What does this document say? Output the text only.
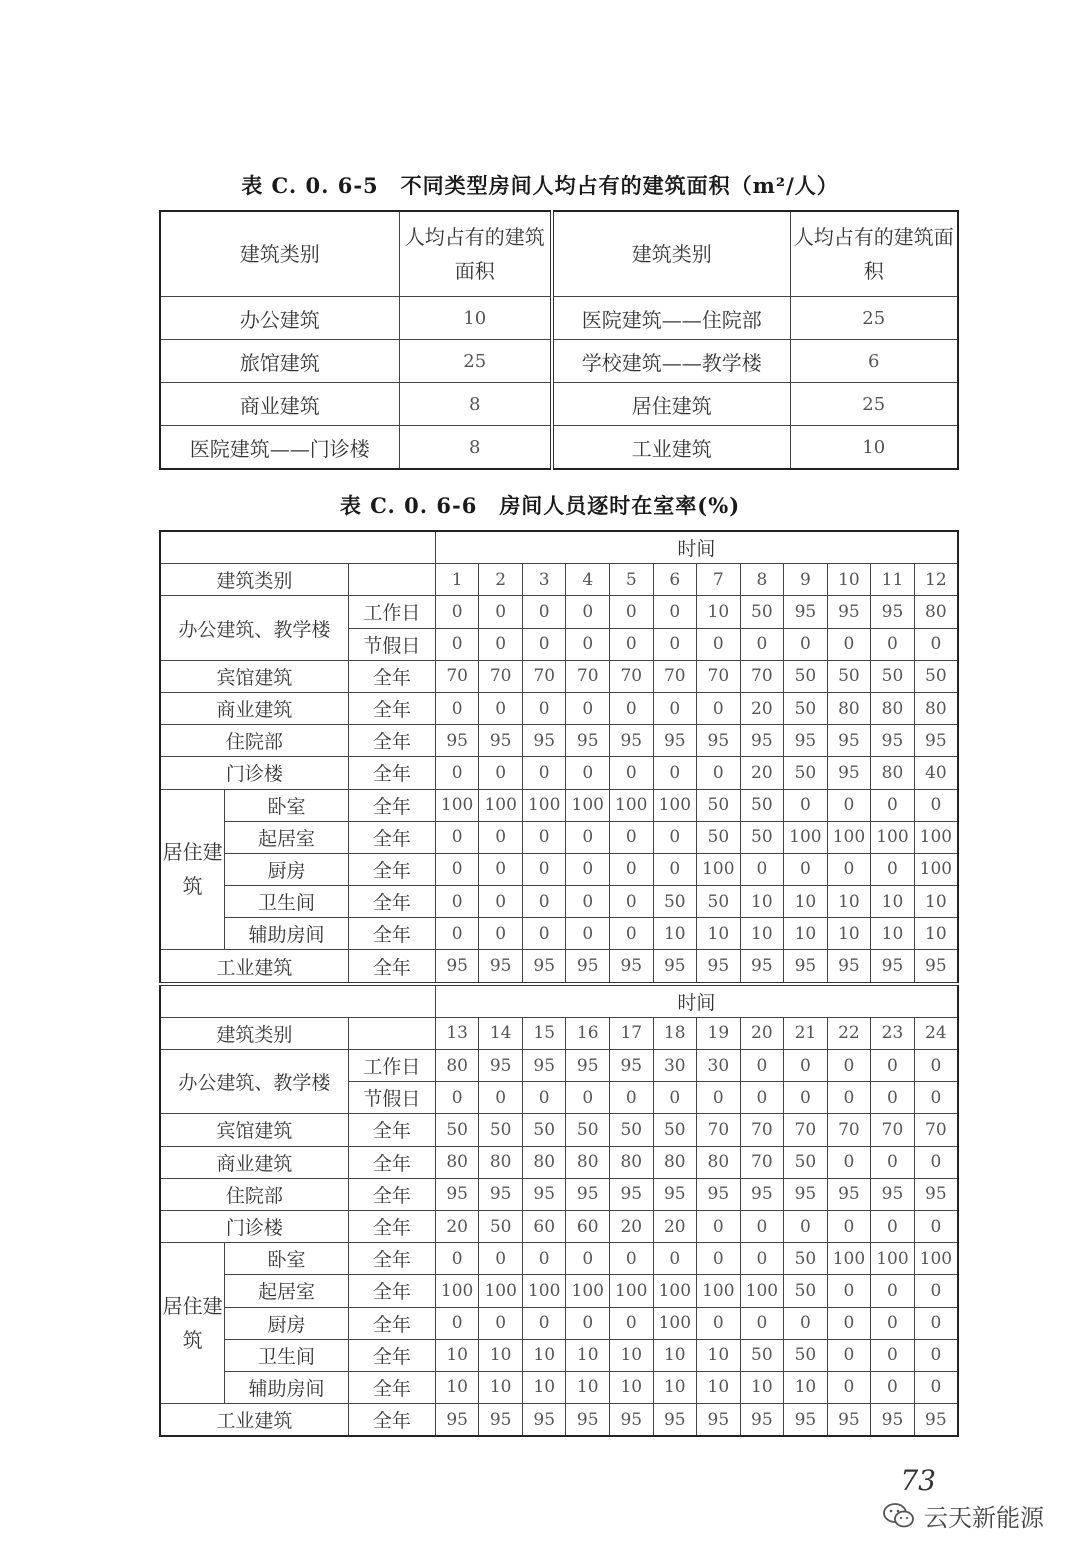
表 C. 0. 6-5 不同类型房间人均占有的建筑面积（m²/人）
建筑类别	人均占有的建筑面积	建筑类别	人均占有的建筑面积
办公建筑	10	医院建筑——住院部	25
旅馆建筑	25	学校建筑——教学楼	6
商业建筑	8	居住建筑	25
医院建筑——门诊楼	8	工业建筑	10
表 C. 0. 6-6 房间人员逐时在室率(%)
			时间											
建筑类别			1	2	3	4	5	6	7	8	9	10	11	12
办公建筑、教学楼		工作日	0	0	0	0	0	0	10	50	95	95	95	80
		节假日	0	0	0	0	0	0	0	0	0	0	0	0
宾馆建筑		全年	70	70	70	70	70	70	70	70	50	50	50	50
商业建筑		全年	0	0	0	0	0	0	0	20	50	80	80	80
住院部		全年	95	95	95	95	95	95	95	95	95	95	95	95
门诊楼		全年	0	0	0	0	0	0	0	20	50	95	80	40
居住建筑	卧室	全年	100	100	100	100	100	100	50	50	0	0	0	0
	起居室	全年	0	0	0	0	0	0	50	50	100	100	100	100
	厨房	全年	0	0	0	0	0	0	100	0	0	0	0	100
	卫生间	全年	0	0	0	0	0	50	50	10	10	10	10	10
	辅助房间	全年	0	0	0	0	0	10	10	10	10	10	10	10
工业建筑		全年	95	95	95	95	95	95	95	95	95	95	95	95
			时间											
建筑类别			13	14	15	16	17	18	19	20	21	22	23	24
办公建筑、教学楼		工作日	80	95	95	95	95	30	30	0	0	0	0	0
		节假日	0	0	0	0	0	0	0	0	0	0	0	0
宾馆建筑		全年	50	50	50	50	50	50	70	70	70	70	70	70
商业建筑		全年	80	80	80	80	80	80	80	70	50	0	0	0
住院部		全年	95	95	95	95	95	95	95	95	95	95	95	95
门诊楼		全年	20	50	60	60	20	20	0	0	0	0	0	0
居住建筑	卧室	全年	0	0	0	0	0	0	0	0	50	100	100	100
	起居室	全年	100	100	100	100	100	100	100	100	50	0	0	0
	厨房	全年	0	0	0	0	0	100	0	0	0	0	0	0
	卫生间	全年	10	10	10	10	10	10	10	50	50	0	0	0
	辅助房间	全年	10	10	10	10	10	10	10	10	10	0	0	0
工业建筑		全年	95	95	95	95	95	95	95	95	95	95	95	95
73
云天新能源
